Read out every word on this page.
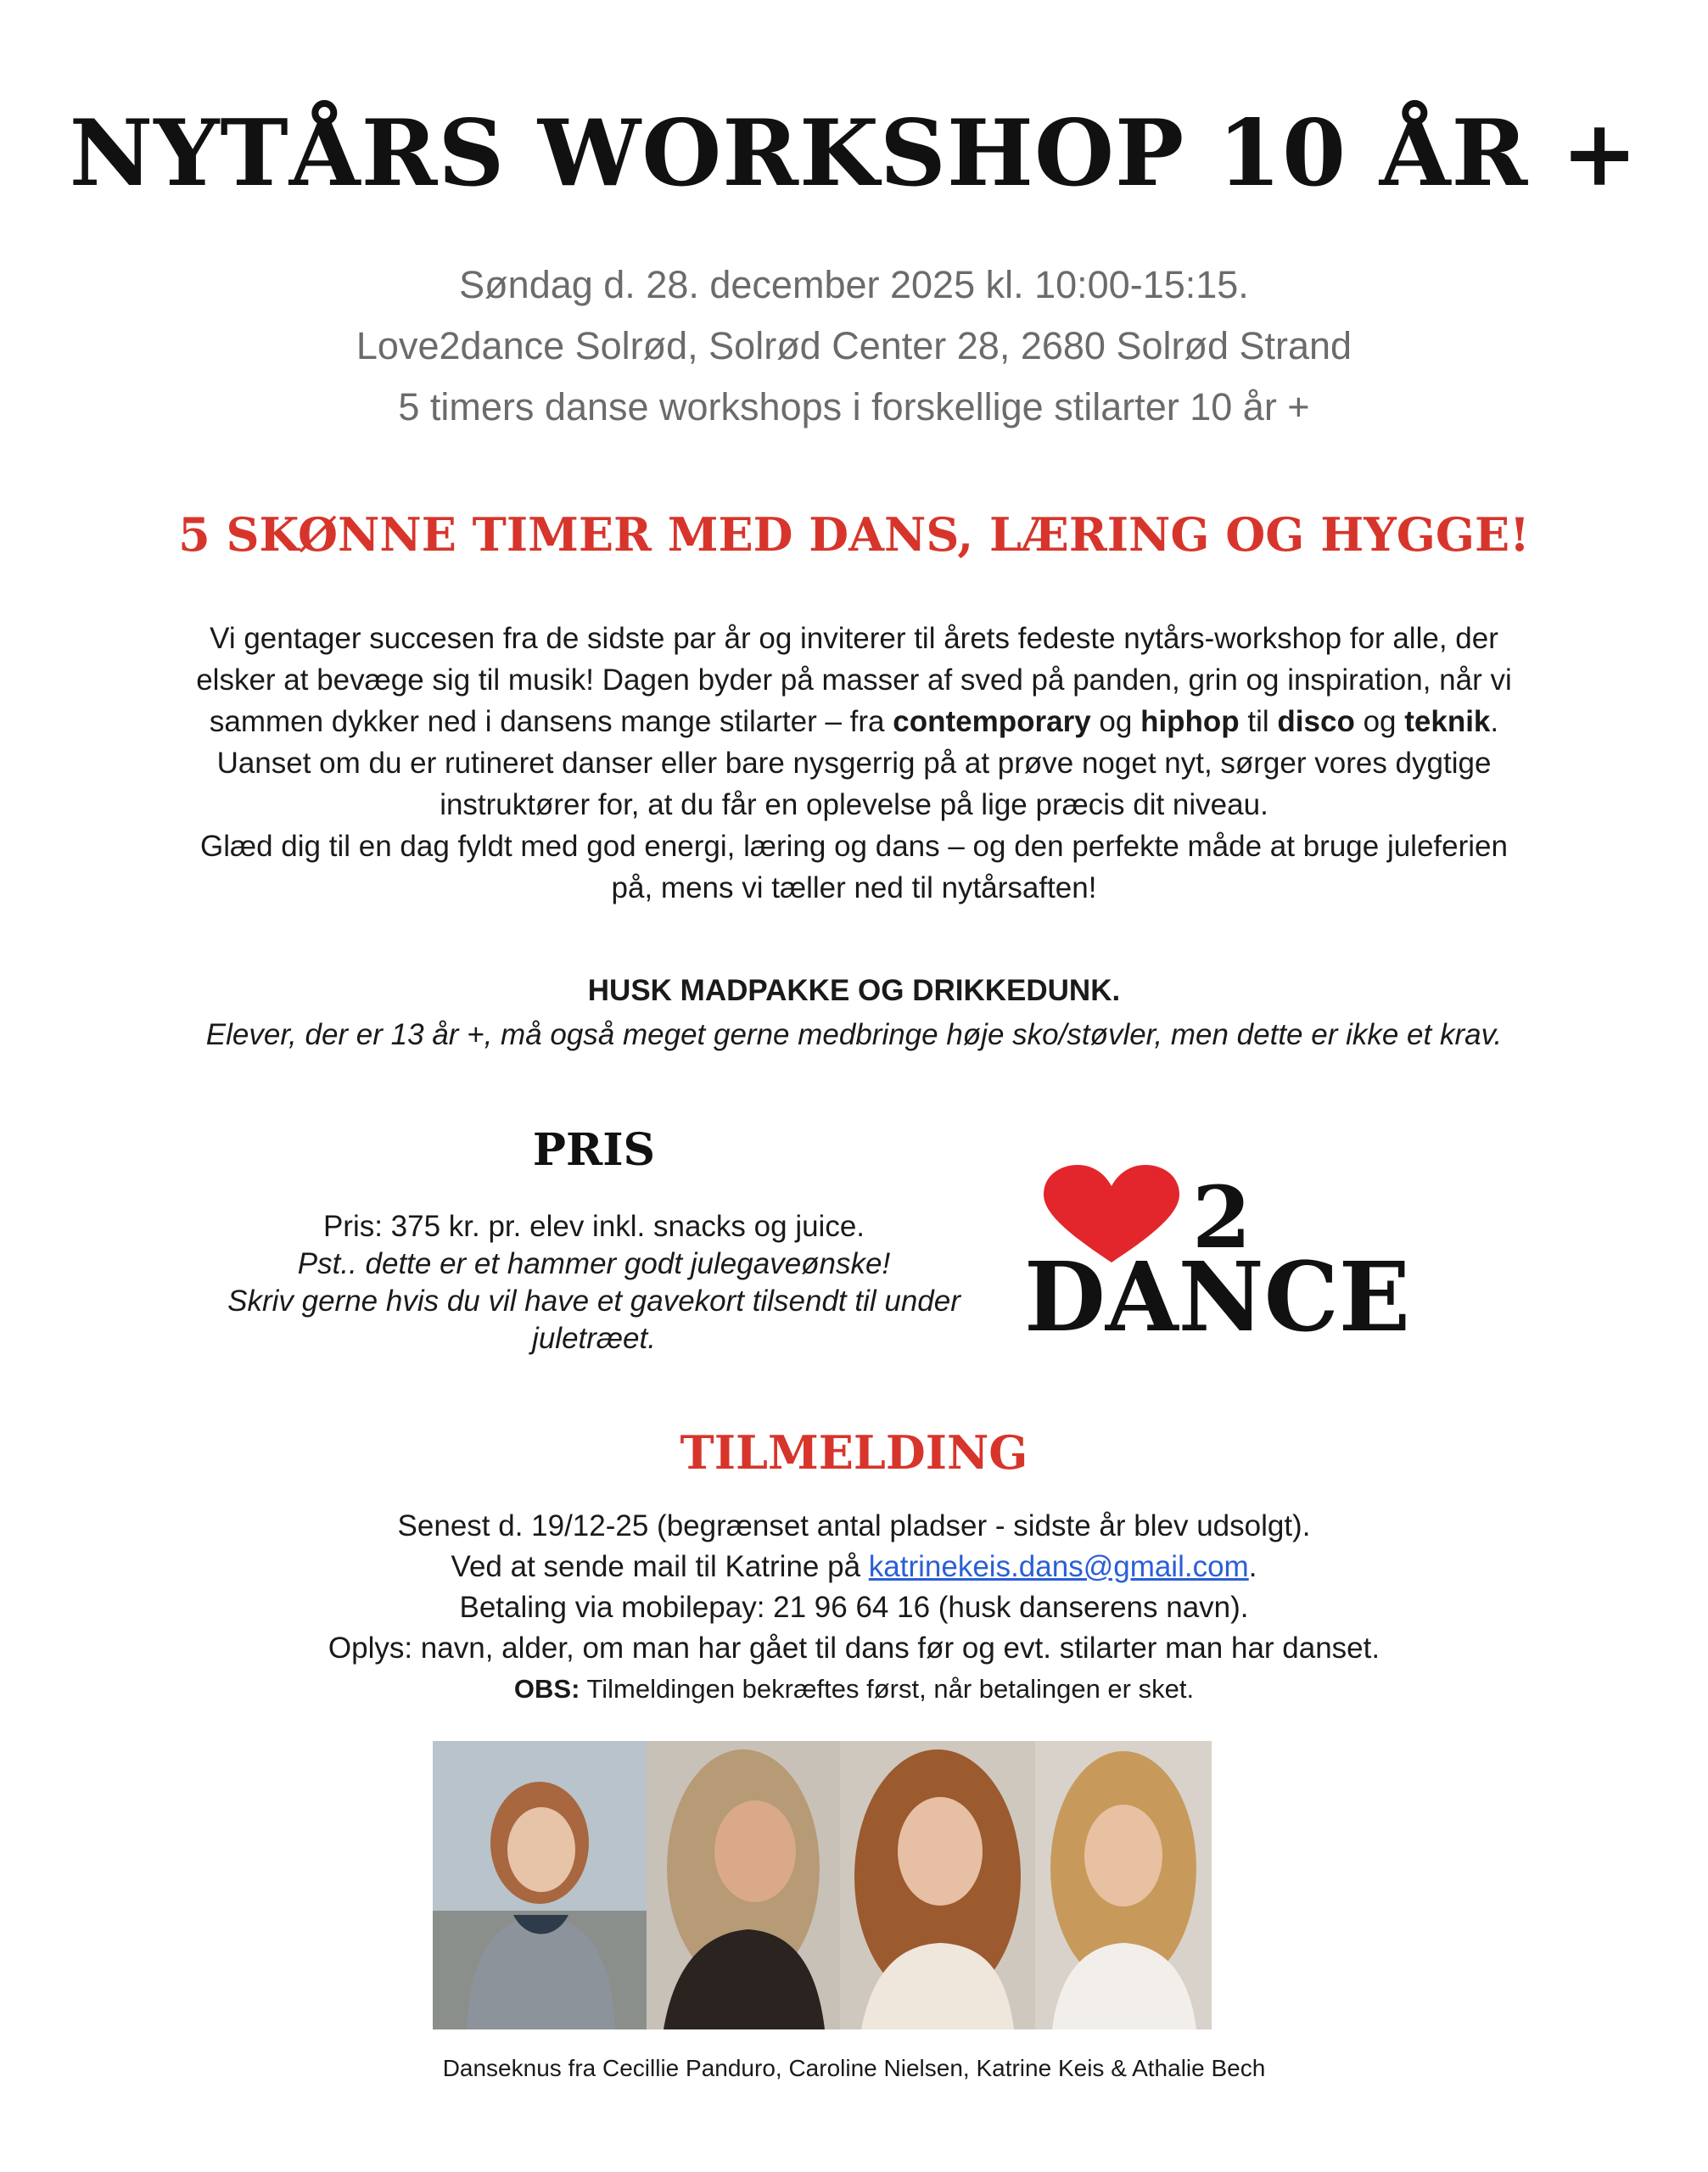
NYTÅRS WORKSHOP 10 ÅR +
Søndag d. 28. december 2025 kl. 10:00-15:15.
Love2dance Solrød, Solrød Center 28, 2680 Solrød Strand
5 timers danse workshops i forskellige stilarter 10 år +
5 SKØNNE TIMER MED DANS, LÆRING OG HYGGE!

Vi gentager succesen fra de sidste par år og inviterer til årets fedeste nytårs-workshop for alle, der elsker at bevæge sig til musik! Dagen byder på masser af sved på panden, grin og inspiration, når vi sammen dykker ned i dansens mange stilarter – fra contemporary og hiphop til disco og teknik. Uanset om du er rutineret danser eller bare nysgerrig på at prøve noget nyt, sørger vores dygtige instruktører for, at du får en oplevelse på lige præcis dit niveau.

Glæd dig til en dag fyldt med god energi, læring og dans – og den perfekte måde at bruge juleferien på, mens vi tæller ned til nytårsaften!

HUSK MADPAKKE OG DRIKKEDUNK.
Elever, der er 13 år +, må også meget gerne medbringe høje sko/støvler, men dette er ikke et krav.
PRIS
Pris: 375 kr. pr. elev inkl. snacks og juice.
Pst.. dette er et hammer godt julegaveønske!
Skriv gerne hvis du vil have et gavekort tilsendt til under juletræet.
2
DANCE
TILMELDING
Senest d. 19/12-25 (begrænset antal pladser - sidste år blev udsolgt).
Ved at sende mail til Katrine på katrinekeis.dans@gmail.com.
Betaling via mobilepay: 21 96 64 16 (husk danserens navn).
Oplys: navn, alder, om man har gået til dans før og evt. stilarter man har danset.
OBS: Tilmeldingen bekræftes først, når betalingen er sket.
Danseknus fra Cecillie Panduro, Caroline Nielsen, Katrine Keis & Athalie Bech
